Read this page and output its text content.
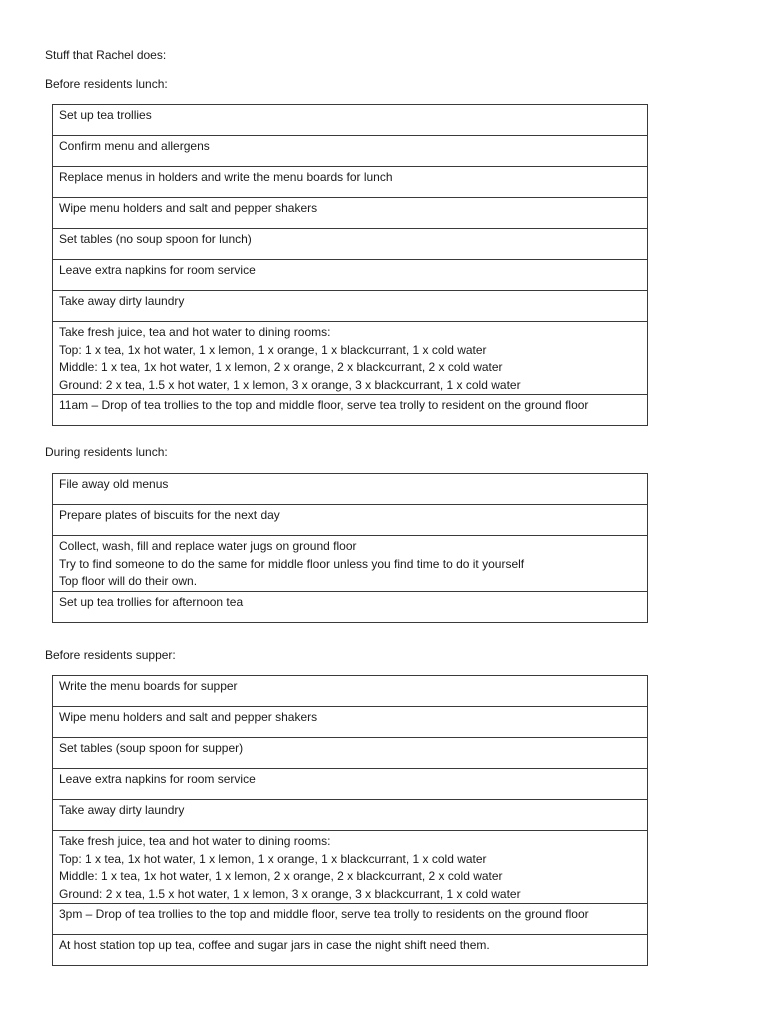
Stuff that Rachel does:
Before residents lunch:
Set up tea trollies

Confirm menu and allergens

Replace menus in holders and write the menu boards for lunch

Wipe menu holders and salt and pepper shakers

Set tables (no soup spoon for lunch)

Leave extra napkins for room service

Take away dirty laundry

Take fresh juice, tea and hot water to dining rooms:
Top: 1 x tea, 1x hot water, 1 x lemon, 1 x orange, 1 x blackcurrant, 1 x cold water
Middle: 1 x tea, 1x hot water, 1 x lemon, 2 x orange, 2 x blackcurrant, 2 x cold water
Ground: 2 x tea, 1.5 x hot water, 1 x lemon, 3 x orange, 3 x blackcurrant, 1 x cold water

11am – Drop of tea trollies to the top and middle floor, serve tea trolly to resident on the ground floor
During residents lunch:
File away old menus

Prepare plates of biscuits for the next day

Collect, wash, fill and replace water jugs on ground floor
Try to find someone to do the same for middle floor unless you find time to do it yourself
Top floor will do their own.

Set up tea trollies for afternoon tea
Before residents supper:
Write the menu boards for supper

Wipe menu holders and salt and pepper shakers

Set tables (soup spoon for supper)

Leave extra napkins for room service

Take away dirty laundry

Take fresh juice, tea and hot water to dining rooms:
Top: 1 x tea, 1x hot water, 1 x lemon, 1 x orange, 1 x blackcurrant, 1 x cold water
Middle: 1 x tea, 1x hot water, 1 x lemon, 2 x orange, 2 x blackcurrant, 2 x cold water
Ground: 2 x tea, 1.5 x hot water, 1 x lemon, 3 x orange, 3 x blackcurrant, 1 x cold water

3pm – Drop of tea trollies to the top and middle floor, serve tea trolly to residents on the ground floor

At host station top up tea, coffee and sugar jars in case the night shift need them.
